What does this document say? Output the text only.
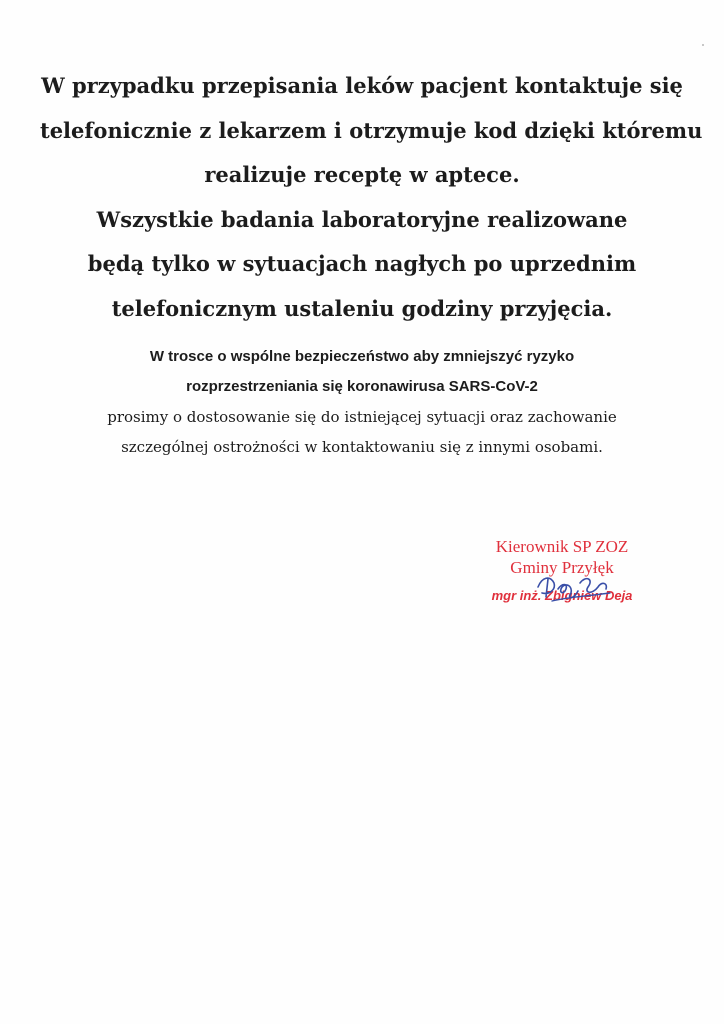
W przypadku przepisania leków pacjent kontaktuje się
telefonicznie z lekarzem i otrzymuje kod dzięki któremu
realizuje receptę w aptece.
Wszystkie badania laboratoryjne realizowane
będą tylko w sytuacjach nagłych po uprzednim
telefonicznym ustaleniu godziny przyjęcia.
W trosce o wspólne bezpieczeństwo aby zmniejszyć ryzyko
rozprzestrzeniania się koronawirusa SARS-CoV-2
prosimy o dostosowanie się do istniejącej sytuacji oraz zachowanie
szczególnej ostrożności w kontaktowaniu się z innymi osobami.
Kierownik SP ZOZ
Gminy Przyłęk
mgr inż. Zbigniew Deja
